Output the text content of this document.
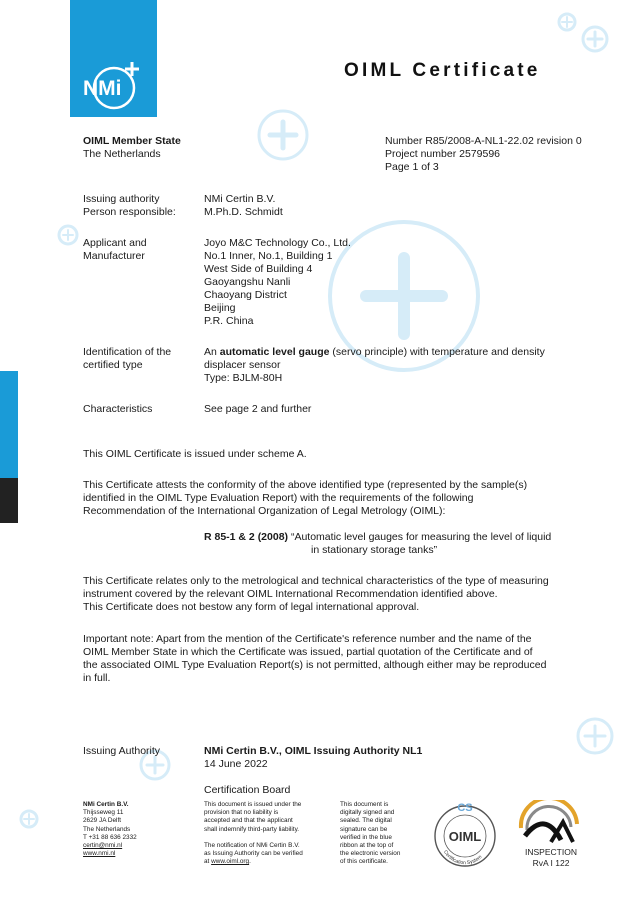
NMi
OIML Certificate
OIML Member State
The Netherlands
Number R85/2008-A-NL1-22.02 revision 0
Project number 2579596
Page 1 of 3
Issuing authority
Person responsible:
NMi Certin B.V.
M.Ph.D. Schmidt
Applicant and
Manufacturer
Joyo M&C Technology Co., Ltd.
No.1 Inner, No.1, Building 1
West Side of Building 4
Gaoyangshu Nanli
Chaoyang District
Beijing
P.R. China
Identification of the
certified type
An automatic level gauge (servo principle) with temperature and density
displacer sensor
Type: BJLM-80H
Characteristics	See page 2 and further
This OIML Certificate is issued under scheme A.
This Certificate attests the conformity of the above identified type (represented by the sample(s)
identified in the OIML Type Evaluation Report) with the requirements of the following
Recommendation of the International Organization of Legal Metrology (OIML):
R 85-1 & 2 (2008) “Automatic level gauges for measuring the level of liquid
in stationary storage tanks”
This Certificate relates only to the metrological and technical characteristics of the type of measuring
instrument covered by the relevant OIML International Recommendation identified above.
This Certificate does not bestow any form of legal international approval.
Important note: Apart from the mention of the Certificate's reference number and the name of the
OIML Member State in which the Certificate was issued, partial quotation of the Certificate and of
the associated OIML Type Evaluation Report(s) is not permitted, although either may be reproduced
in full.
Issuing Authority	NMi Certin B.V., OIML Issuing Authority NL1
14 June 2022
Certification Board
NMi Certin B.V.
Thijsseweg 11
2629 JA Delft
The Netherlands
T +31 88 636 2332
certin@nmi.nl
www.nmi.nl
This document is issued under the
provision that no liability is
accepted and that the applicant
shall indemnify third-party liability.
The notification of NMi Certin B.V.
as Issuing Authority can be verified
at www.oiml.org.
This document is
digitally signed and
sealed. The digital
signature can be
verified in the blue
ribbon at the top of
the electronic version
of this certificate.
CS
OIML
Certification System
INSPECTION
RvA I 122
